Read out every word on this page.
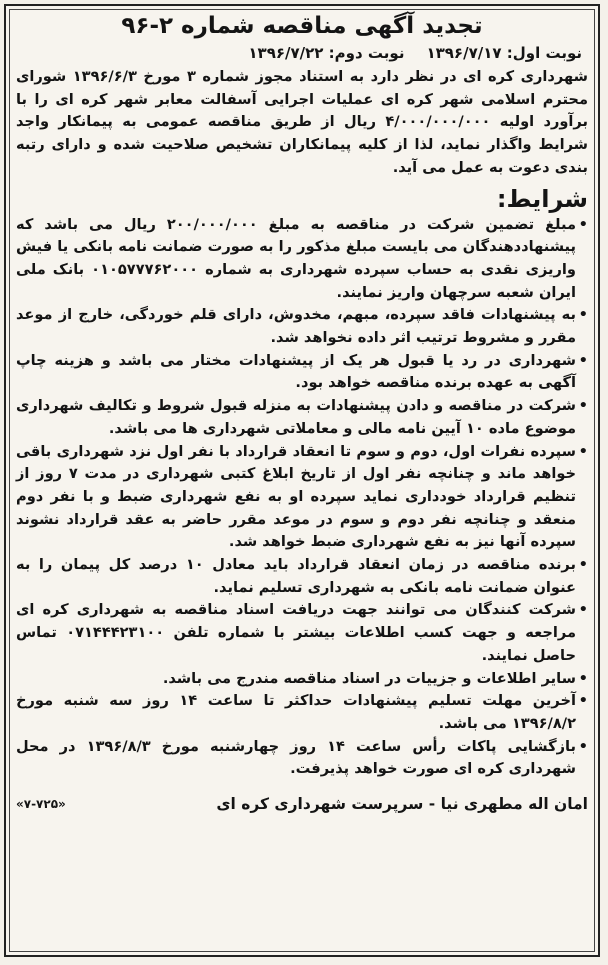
تجدید آگهی مناقصه شماره ۲-۹۶
نوبت اول: ۱۳۹۶/۷/۱۷
نوبت دوم: ۱۳۹۶/۷/۲۲

شهرداری کره ای در نظر دارد به استناد مجوز شماره ۳ مورخ ۱۳۹۶/۶/۳ شورای محترم اسلامی شهر کره ای عملیات اجرایی آسفالت معابر شهر کره ای را با برآورد اولیه ۴/۰۰۰/۰۰۰/۰۰۰ ریال از طریق مناقصه عمومی به پیمانکار واجد شرایط واگذار نماید، لذا از کلیه پیمانکاران تشخیص صلاحیت شده و دارای رتبه بندی دعوت به عمل می آید.

شرایط:
• مبلغ تضمین شرکت در مناقصه به مبلغ ۲۰۰/۰۰۰/۰۰۰ ریال می باشد که پیشنهاددهندگان می بایست مبلغ مذکور را به صورت ضمانت نامه بانکی یا فیش واریزی نقدی به حساب سپرده شهرداری به شماره ۰۱۰۵۷۷۷۶۲۰۰۰ بانک ملی ایران شعبه سرچهان واریز نمایند.
• به پیشنهادات فاقد سپرده، مبهم، مخدوش، دارای قلم خوردگی، خارج از موعد مقرر و مشروط ترتیب اثر داده نخواهد شد.
• شهرداری در رد یا قبول هر یک از پیشنهادات مختار می باشد و هزینه چاپ آگهی به عهده برنده مناقصه خواهد بود.
• شرکت در مناقصه و دادن پیشنهادات به منزله قبول شروط و تکالیف شهرداری موضوع ماده ۱۰ آیین نامه مالی و معاملاتی شهرداری ها می باشد.
• سپرده نفرات اول، دوم و سوم تا انعقاد قرارداد با نفر اول نزد شهرداری باقی خواهد ماند و چنانچه نفر اول از تاریخ ابلاغ کتبی شهرداری در مدت ۷ روز از تنظیم قرارداد خودداری نماید سپرده او به نفع شهرداری ضبط و با نفر دوم منعقد و چنانچه نفر دوم و سوم در موعد مقرر حاضر به عقد قرارداد نشوند سپرده آنها نیز به نفع شهرداری ضبط خواهد شد.
• برنده مناقصه در زمان انعقاد قرارداد باید معادل ۱۰ درصد کل پیمان را به عنوان ضمانت نامه بانکی به شهرداری تسلیم نماید.
• شرکت کنندگان می توانند جهت دریافت اسناد مناقصه به شهرداری کره ای مراجعه و جهت کسب اطلاعات بیشتر با شماره تلفن ۰۷۱۴۴۴۲۳۱۰۰ تماس حاصل نمایند.
• سایر اطلاعات و جزییات در اسناد مناقصه مندرج می باشد.
• آخرین مهلت تسلیم پیشنهادات حداکثر تا ساعت ۱۴ روز سه شنبه مورخ ۱۳۹۶/۸/۲ می باشد.
• بازگشایی پاکات رأس ساعت ۱۴ روز چهارشنبه مورخ ۱۳۹۶/۸/۳ در محل شهرداری کره ای صورت خواهد پذیرفت.
امان اله مطهری نیا - سرپرست شهرداری کره ای
«۷-۷۲۵»
